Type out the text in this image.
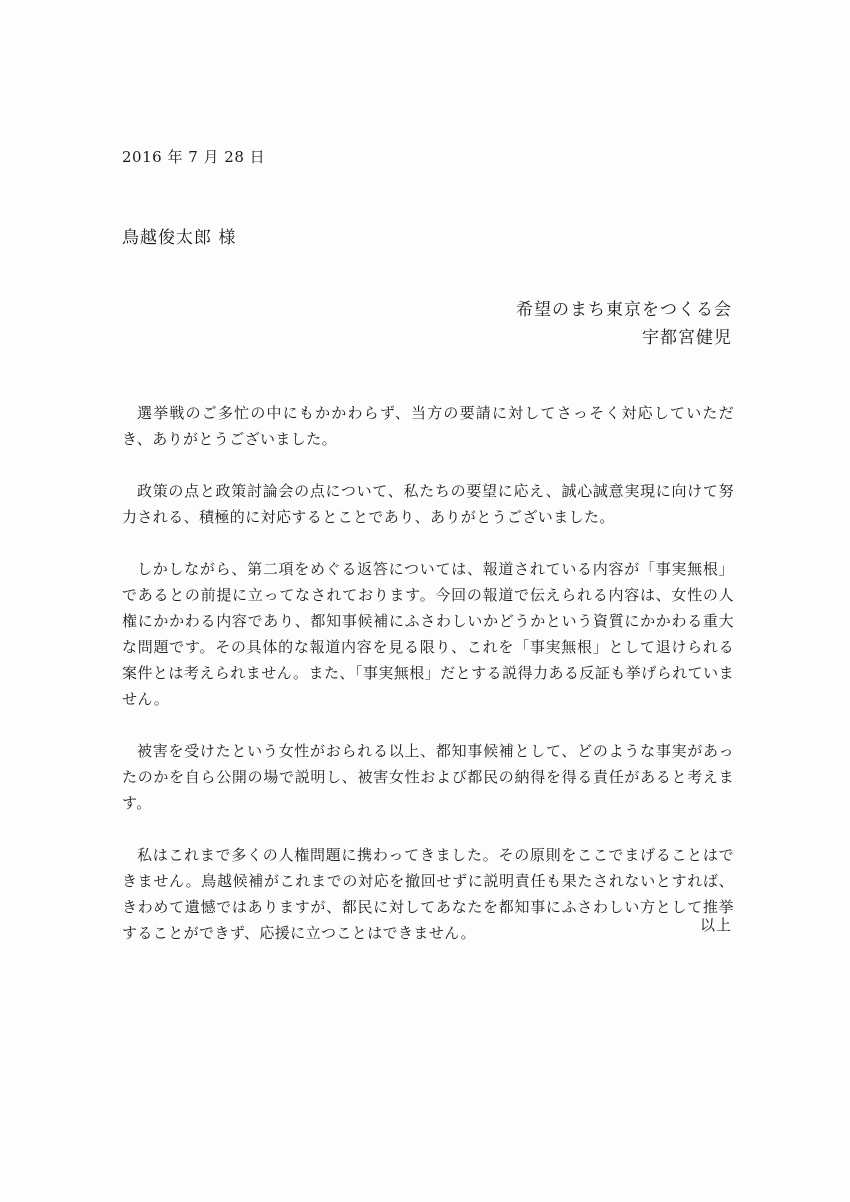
2016 年 7 月 28 日
鳥越俊太郎 様
希望のまち東京をつくる会
宇都宮健児

選挙戦のご多忙の中にもかかわらず、当方の要請に対してさっそく対応していただき、ありがとうございました。

政策の点と政策討論会の点について、私たちの要望に応え、誠心誠意実現に向けて努力される、積極的に対応するとことであり、ありがとうございました。

しかしながら、第二項をめぐる返答については、報道されている内容が「事実無根」であるとの前提に立ってなされております。今回の報道で伝えられる内容は、女性の人権にかかわる内容であり、都知事候補にふさわしいかどうかという資質にかかわる重大な問題です。その具体的な報道内容を見る限り、これを「事実無根」として退けられる案件とは考えられません。また、「事実無根」だとする説得力ある反証も挙げられていません。

被害を受けたという女性がおられる以上、都知事候補として、どのような事実があったのかを自ら公開の場で説明し、被害女性および都民の納得を得る責任があると考えます。

私はこれまで多くの人権問題に携わってきました。その原則をここでまげることはできません。鳥越候補がこれまでの対応を撤回せずに説明責任も果たされないとすれば、きわめて遺憾ではありますが、都民に対してあなたを都知事にふさわしい方として推挙することができず、応援に立つことはできません。	以上
